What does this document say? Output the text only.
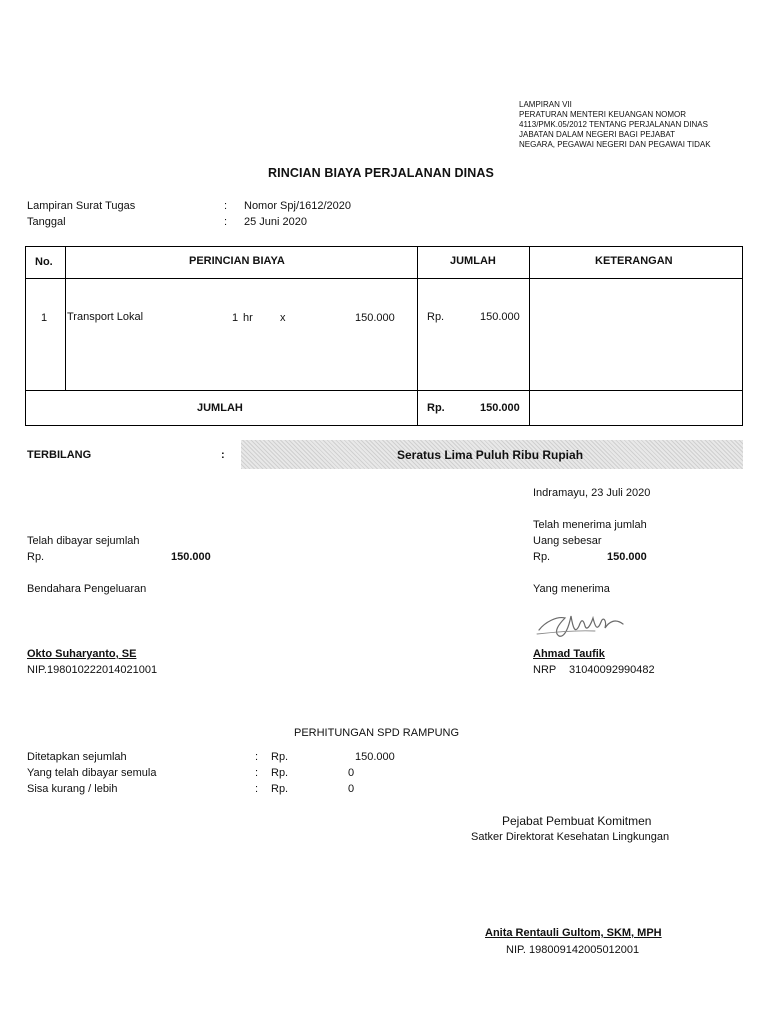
LAMPIRAN VII
PERATURAN MENTERI KEUANGAN NOMOR
4113/PMK.05/2012 TENTANG PERJALANAN DINAS
JABATAN DALAM NEGERI BAGI PEJABAT
NEGARA, PEGAWAI NEGERI DAN PEGAWAI TIDAK
RINCIAN BIAYA PERJALANAN DINAS
Lampiran Surat Tugas	: Nomor Spj/1612/2020
Tanggal	: 25 Juni 2020
No.	PERINCIAN BIAYA	JUMLAH	KETERANGAN
1 Transport Lokal	1 hr x	150.000	Rp.	150.000
JUMLAH	Rp.	150.000
TERBILANG	:	Seratus Lima Puluh Ribu Rupiah
Indramayu, 23 Juli 2020
Telah menerima jumlah
Uang sebesar
Rp.	150.000
Yang menerima
Ahmad Taufik
NRP 31040092990482
Telah dibayar sejumlah
Rp.	150.000
Bendahara Pengeluaran
Okto Suharyanto, SE
NIP.198010222014021001
PERHITUNGAN SPD RAMPUNG
Ditetapkan sejumlah	: Rp.	150.000
Yang telah dibayar semula	: Rp.	0
Sisa kurang / lebih	: Rp.	0
Pejabat Pembuat Komitmen
Satker Direktorat Kesehatan Lingkungan
Anita Rentauli Gultom, SKM, MPH
NIP. 198009142005012001
